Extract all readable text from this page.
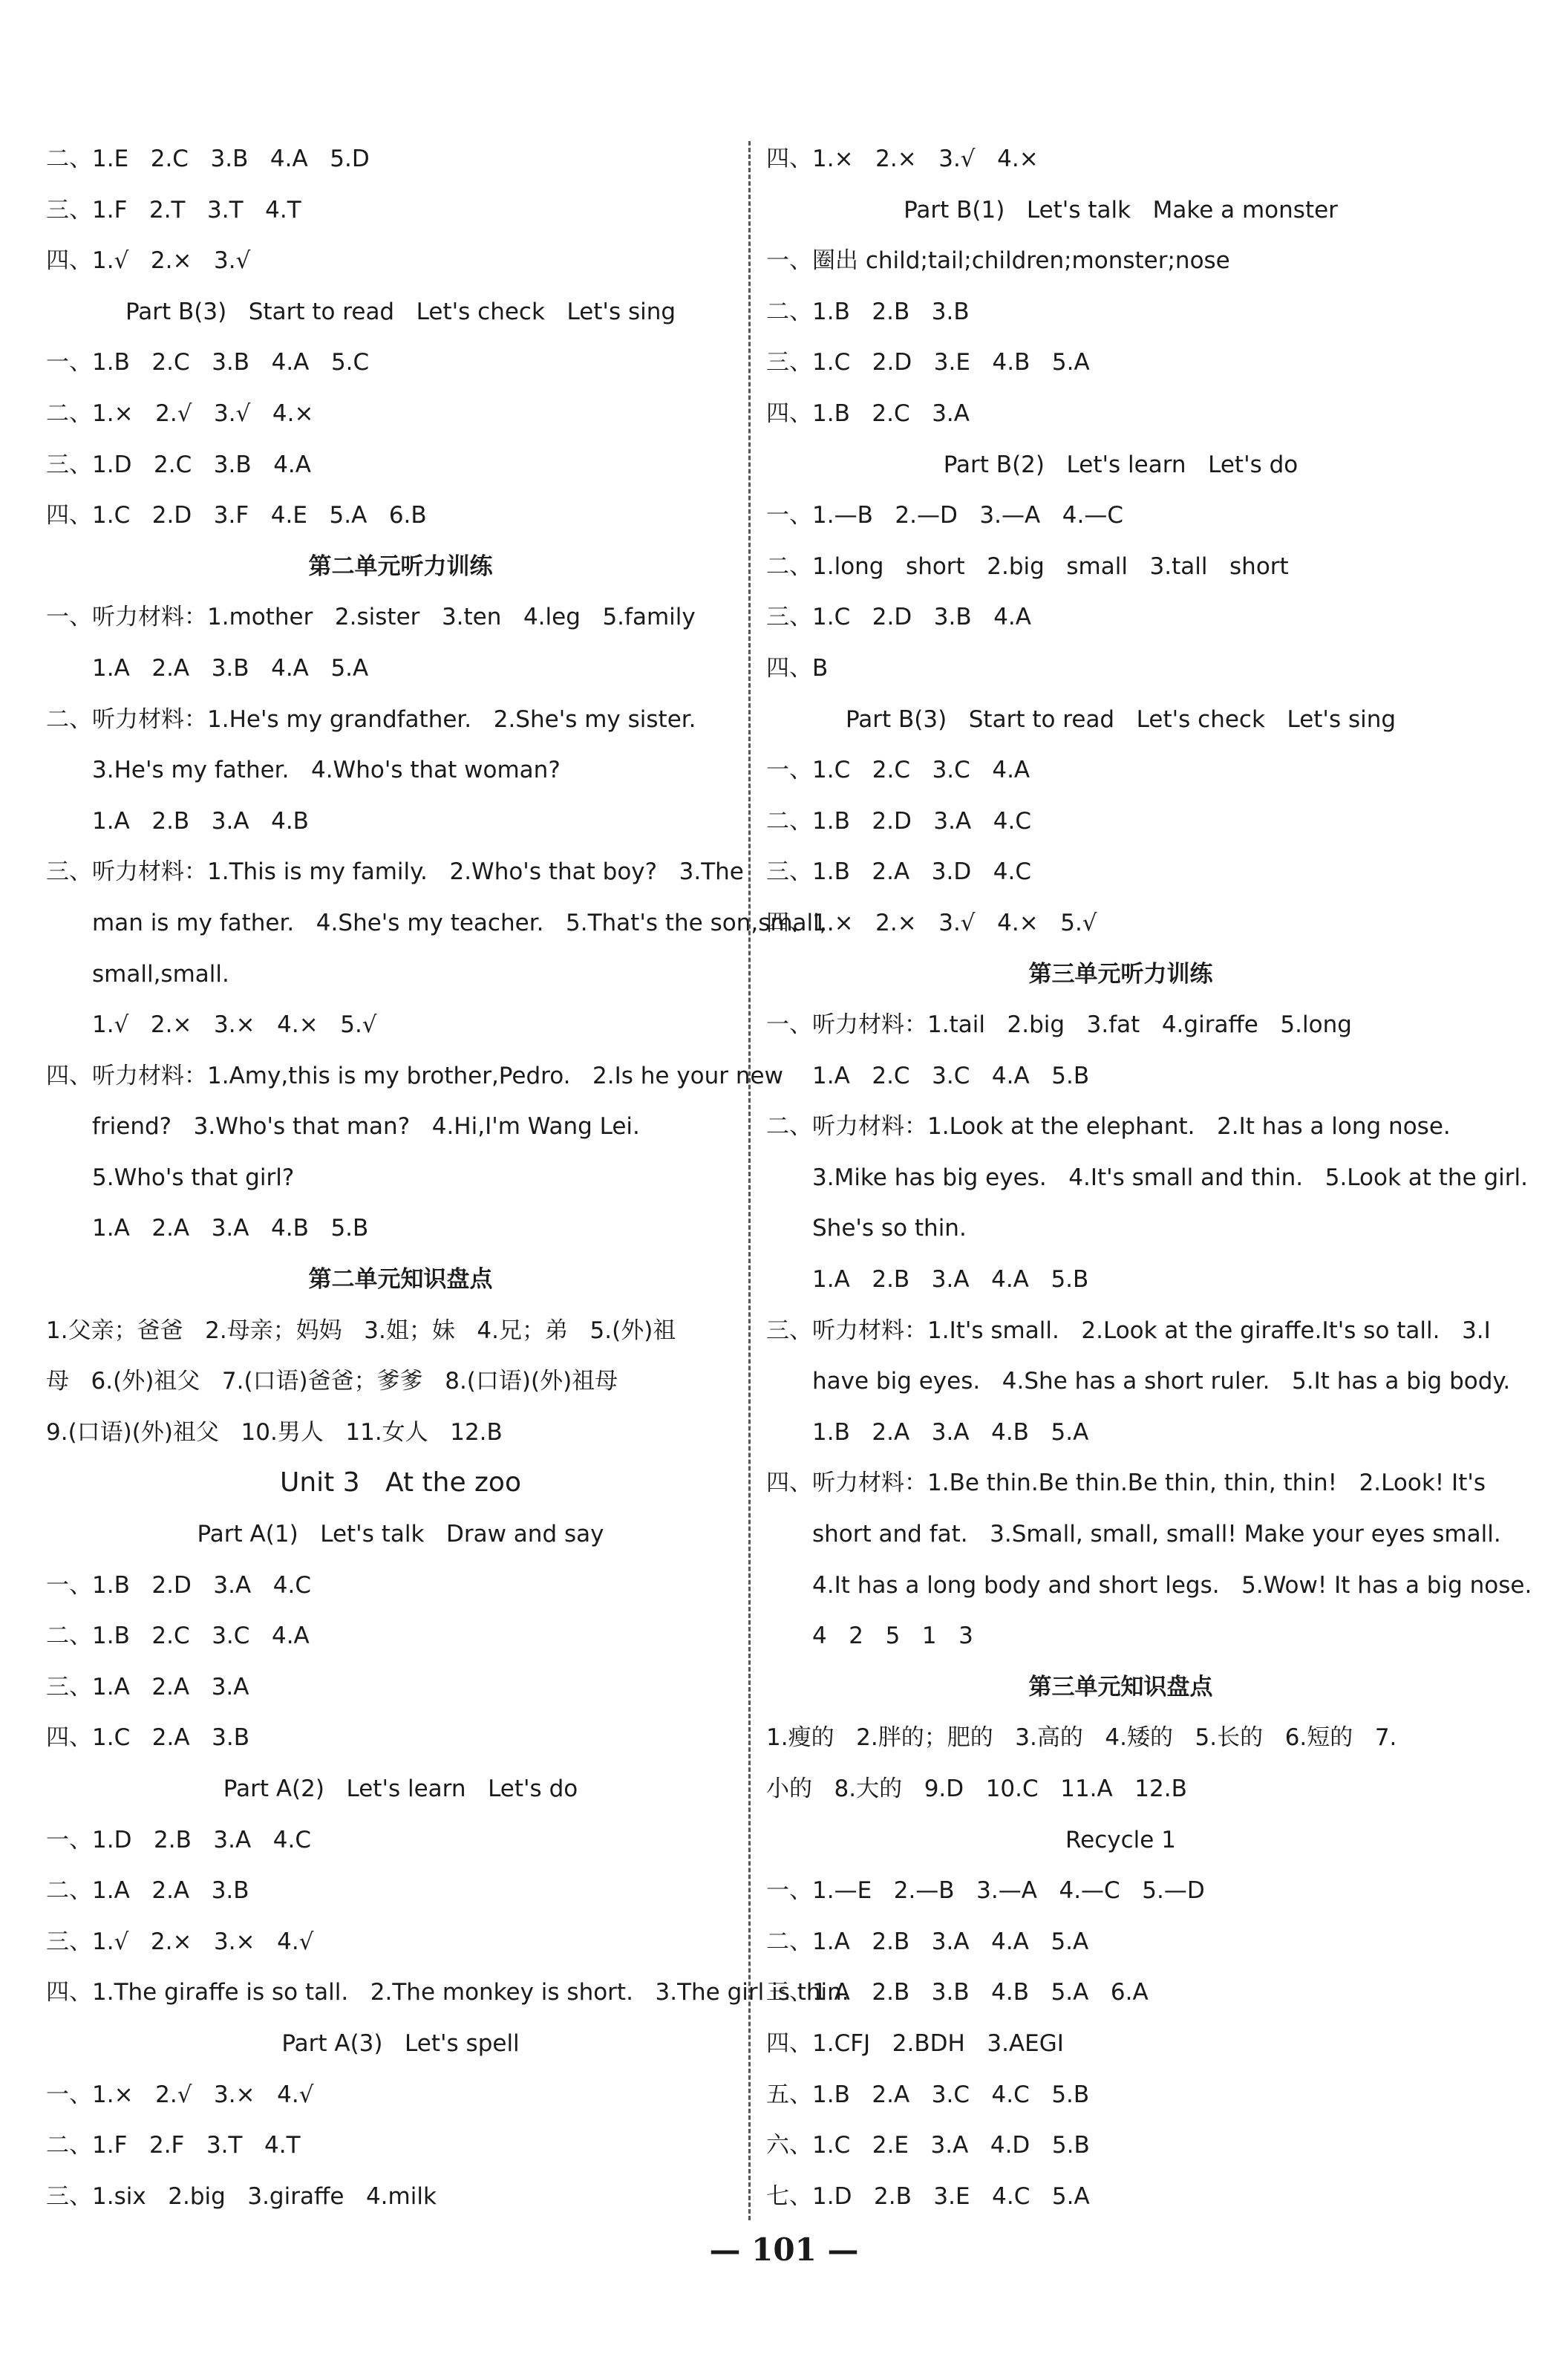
二、1.E   2.C   3.B   4.A   5.D
三、1.F   2.T   3.T   4.T
四、1.√   2.×   3.√
Part B(3)   Start to read   Let's check   Let's sing
一、1.B   2.C   3.B   4.A   5.C
二、1.×   2.√   3.√   4.×
三、1.D   2.C   3.B   4.A
四、1.C   2.D   3.F   4.E   5.A   6.B
第二单元听力训练
一、听力材料：1.mother   2.sister   3.ten   4.leg   5.family
1.A   2.A   3.B   4.A   5.A
二、听力材料：1.He's my grandfather.   2.She's my sister.
3.He's my father.   4.Who's that woman?
1.A   2.B   3.A   4.B
三、听力材料：1.This is my family.   2.Who's that boy?   3.The
man is my father.   4.She's my teacher.   5.That's the son,small,
small,small.
1.√   2.×   3.×   4.×   5.√
四、听力材料：1.Amy,this is my brother,Pedro.   2.Is he your new
friend?   3.Who's that man?   4.Hi,I'm Wang Lei.
5.Who's that girl?
1.A   2.A   3.A   4.B   5.B
第二单元知识盘点
1.父亲；爸爸   2.母亲；妈妈   3.姐；妹   4.兄；弟   5.(外)祖
母   6.(外)祖父   7.(口语)爸爸；爹爹   8.(口语)(外)祖母
9.(口语)(外)祖父   10.男人   11.女人   12.B
Unit 3   At the zoo
Part A(1)   Let's talk   Draw and say
一、1.B   2.D   3.A   4.C
二、1.B   2.C   3.C   4.A
三、1.A   2.A   3.A
四、1.C   2.A   3.B
Part A(2)   Let's learn   Let's do
一、1.D   2.B   3.A   4.C
二、1.A   2.A   3.B
三、1.√   2.×   3.×   4.√
四、1.The giraffe is so tall.   2.The monkey is short.   3.The girl is thin.
Part A(3)   Let's spell
一、1.×   2.√   3.×   4.√
二、1.F   2.F   3.T   4.T
三、1.six   2.big   3.giraffe   4.milk
四、1.×   2.×   3.√   4.×
Part B(1)   Let's talk   Make a monster
一、圈出 child;tail;children;monster;nose
二、1.B   2.B   3.B
三、1.C   2.D   3.E   4.B   5.A
四、1.B   2.C   3.A
Part B(2)   Let's learn   Let's do
一、1.—B   2.—D   3.—A   4.—C
二、1.long   short   2.big   small   3.tall   short
三、1.C   2.D   3.B   4.A
四、B
Part B(3)   Start to read   Let's check   Let's sing
一、1.C   2.C   3.C   4.A
二、1.B   2.D   3.A   4.C
三、1.B   2.A   3.D   4.C
四、1.×   2.×   3.√   4.×   5.√
第三单元听力训练
一、听力材料：1.tail   2.big   3.fat   4.giraffe   5.long
1.A   2.C   3.C   4.A   5.B
二、听力材料：1.Look at the elephant.   2.It has a long nose.
3.Mike has big eyes.   4.It's small and thin.   5.Look at the girl.
She's so thin.
1.A   2.B   3.A   4.A   5.B
三、听力材料：1.It's small.   2.Look at the giraffe.It's so tall.   3.I
have big eyes.   4.She has a short ruler.   5.It has a big body.
1.B   2.A   3.A   4.B   5.A
四、听力材料：1.Be thin.Be thin.Be thin, thin, thin!   2.Look! It's
short and fat.   3.Small, small, small! Make your eyes small.
4.It has a long body and short legs.   5.Wow! It has a big nose.
4   2   5   1   3
第三单元知识盘点
1.瘦的   2.胖的；肥的   3.高的   4.矮的   5.长的   6.短的   7.
小的   8.大的   9.D   10.C   11.A   12.B
Recycle 1
一、1.—E   2.—B   3.—A   4.—C   5.—D
二、1.A   2.B   3.A   4.A   5.A
三、1.A   2.B   3.B   4.B   5.A   6.A
四、1.CFJ   2.BDH   3.AEGI
五、1.B   2.A   3.C   4.C   5.B
六、1.C   2.E   3.A   4.D   5.B
七、1.D   2.B   3.E   4.C   5.A
— 101 —
